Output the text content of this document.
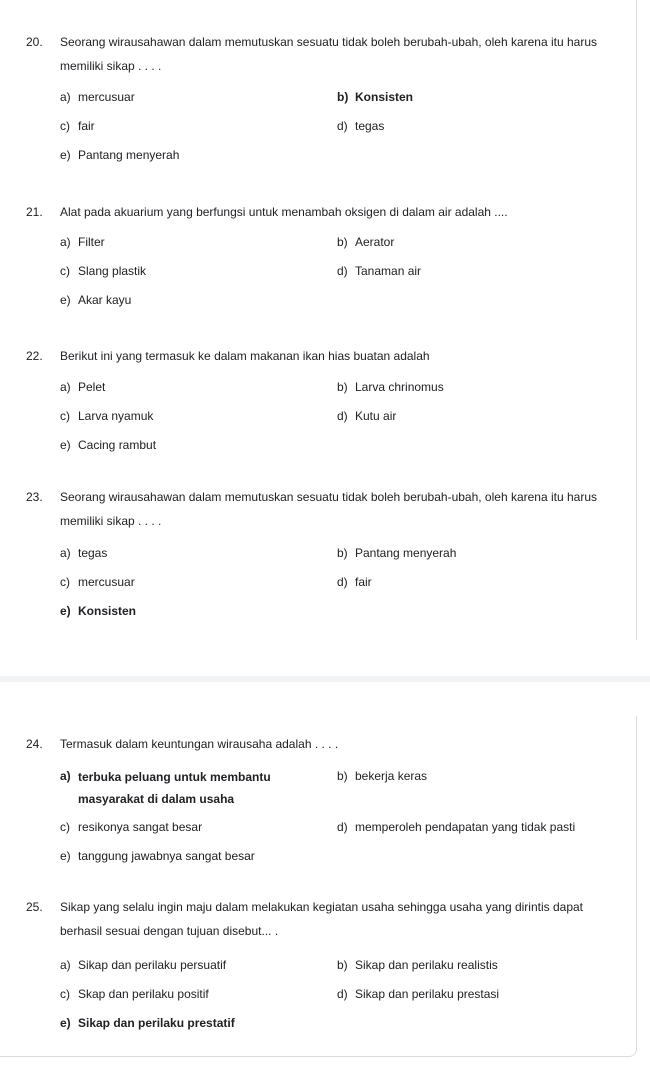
20.	Seorang wirausahawan dalam memutuskan sesuatu tidak boleh berubah-ubah, oleh karena itu harus memiliki sikap . . . .
a) mercusuar	b) Konsisten
c) fair	d) tegas
e) Pantang menyerah
21.	Alat pada akuarium yang berfungsi untuk menambah oksigen di dalam air adalah ....
a) Filter	b) Aerator
c) Slang plastik	d) Tanaman air
e) Akar kayu
22.	Berikut ini yang termasuk ke dalam makanan ikan hias buatan adalah
a) Pelet	b) Larva chrinomus
c) Larva nyamuk	d) Kutu air
e) Cacing rambut
23.	Seorang wirausahawan dalam memutuskan sesuatu tidak boleh berubah-ubah, oleh karena itu harus memiliki sikap . . . .
a) tegas	b) Pantang menyerah
c) mercusuar	d) fair
e) Konsisten
24.	Termasuk dalam keuntungan wirausaha adalah . . . .
a) terbuka peluang untuk membantu masyarakat di dalam usaha
b) bekerja keras
c) resikonya sangat besar	d) memperoleh pendapatan yang tidak pasti
e) tanggung jawabnya sangat besar
25.	Sikap yang selalu ingin maju dalam melakukan kegiatan usaha sehingga usaha yang dirintis dapat berhasil sesuai dengan tujuan disebut... .
a) Sikap dan perilaku persuatif	b) Sikap dan perilaku realistis
c) Skap dan perilaku positif	d) Sikap dan perilaku prestasi
e) Sikap dan perilaku prestatif
